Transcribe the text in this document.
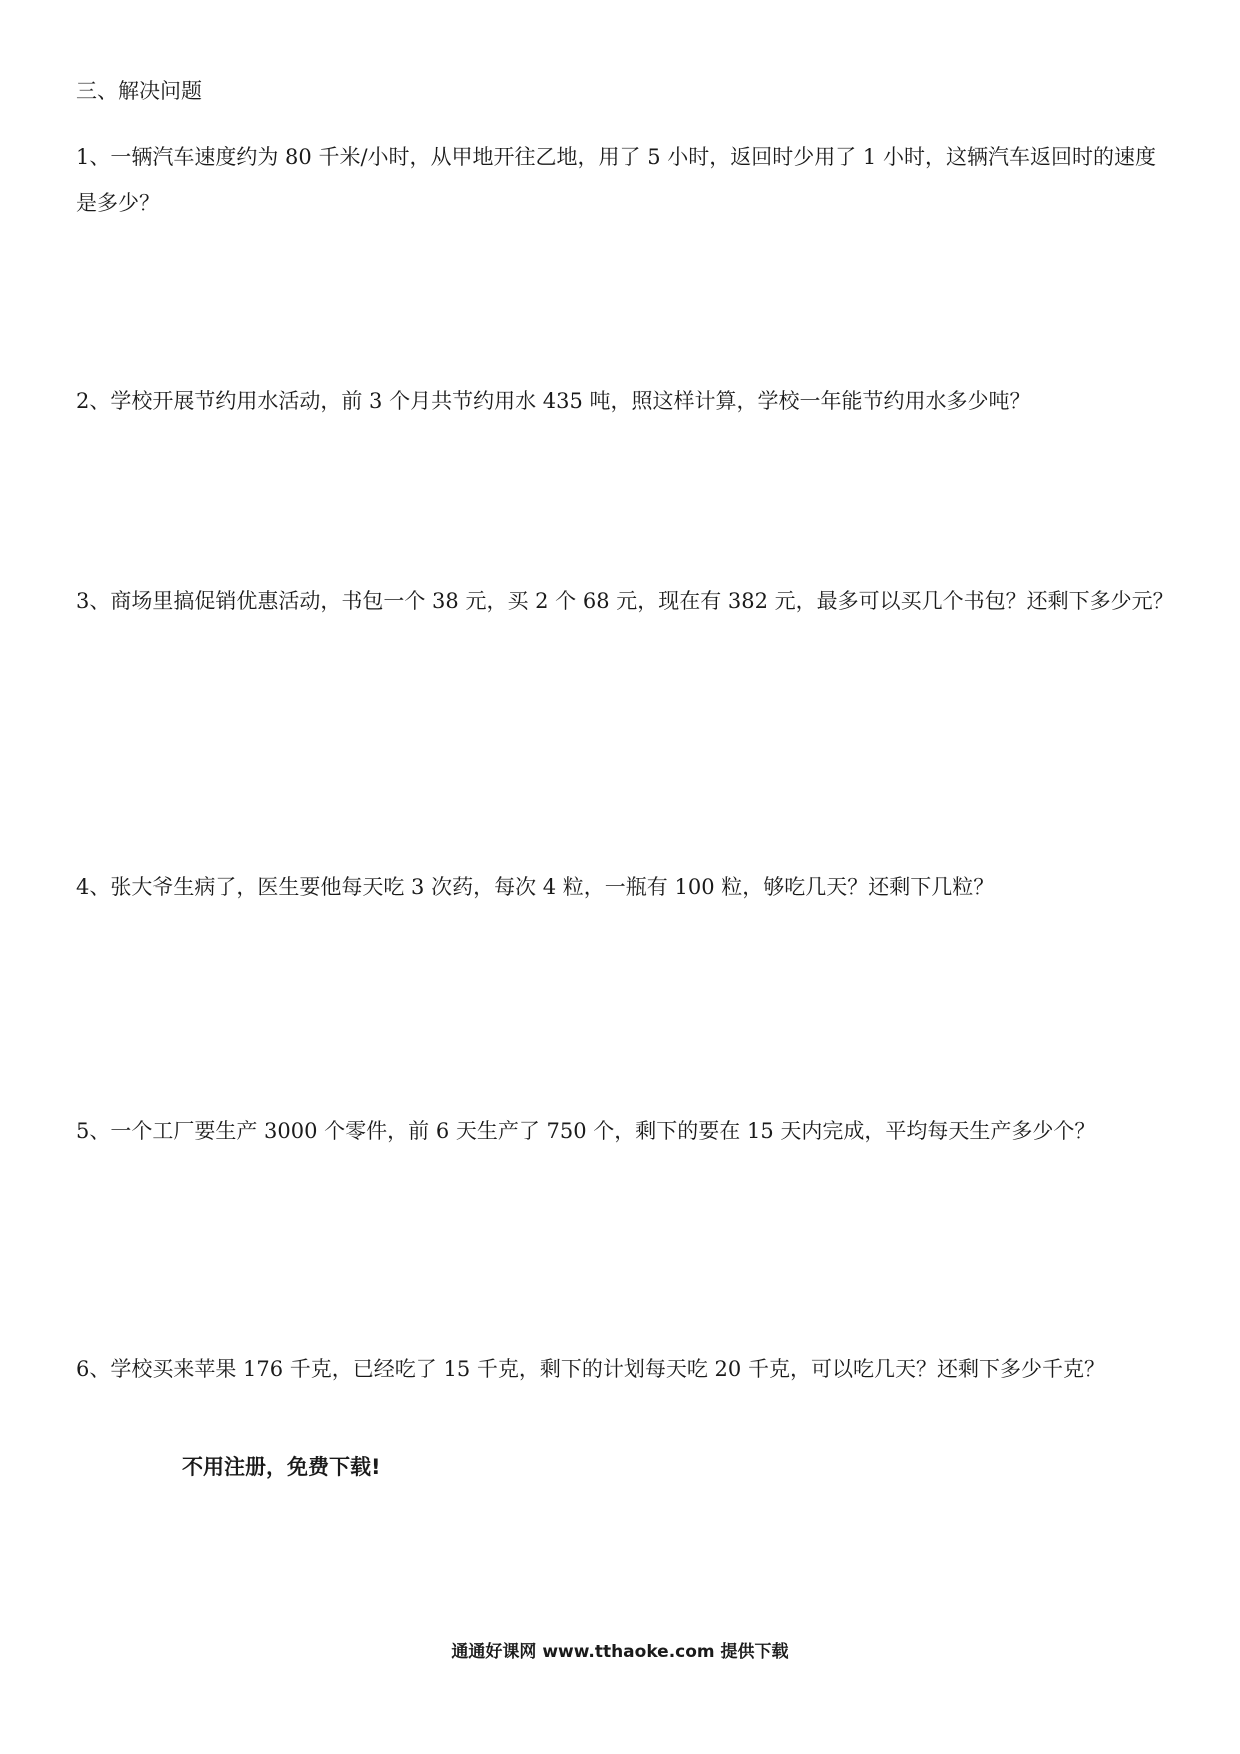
三、解决问题

1、一辆汽车速度约为 80 千米/小时，从甲地开往乙地，用了 5 小时，返回时少用了 1 小时，这辆汽车返回时的速度是多少？

2、学校开展节约用水活动，前 3 个月共节约用水 435 吨，照这样计算，学校一年能节约用水多少吨？

3、商场里搞促销优惠活动，书包一个 38 元，买 2 个 68 元，现在有 382 元，最多可以买几个书包？还剩下多少元？

4、张大爷生病了，医生要他每天吃 3 次药，每次 4 粒，一瓶有 100 粒，够吃几天？还剩下几粒？

5、一个工厂要生产 3000 个零件，前 6 天生产了 750 个，剩下的要在 15 天内完成，平均每天生产多少个？

6、学校买来苹果 176 千克，已经吃了 15 千克，剩下的计划每天吃 20 千克，可以吃几天？还剩下多少千克？

不用注册，免费下载!

通通好课网 www.tthaoke.com 提供下载
